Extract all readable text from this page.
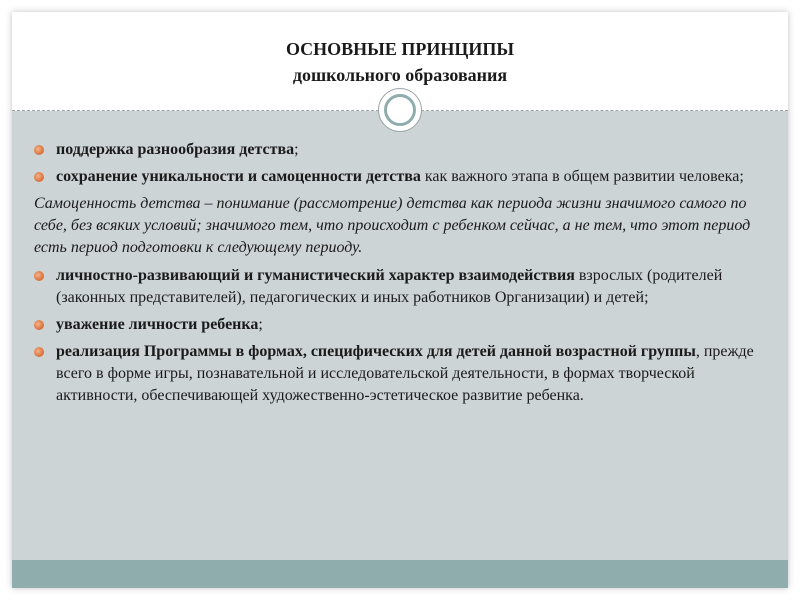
ОСНОВНЫЕ ПРИНЦИПЫ
дошкольного образования
поддержка разнообразия детства;
сохранение уникальности и самоценности детства как важного этапа в общем развитии человека;
Самоценность детства – понимание (рассмотрение) детства как периода жизни значимого самого по себе, без всяких условий; значимого тем, что происходит с ребенком сейчас, а не тем, что этот период есть период подготовки к следующему периоду.
личностно-развивающий и гуманистический характер взаимодействия взрослых (родителей (законных представителей), педагогических и иных работников Организации) и детей;
уважение личности ребенка;
реализация Программы в формах, специфических для детей данной возрастной группы, прежде всего в форме игры, познавательной и исследовательской деятельности, в формах творческой активности, обеспечивающей художественно-эстетическое развитие ребенка.
